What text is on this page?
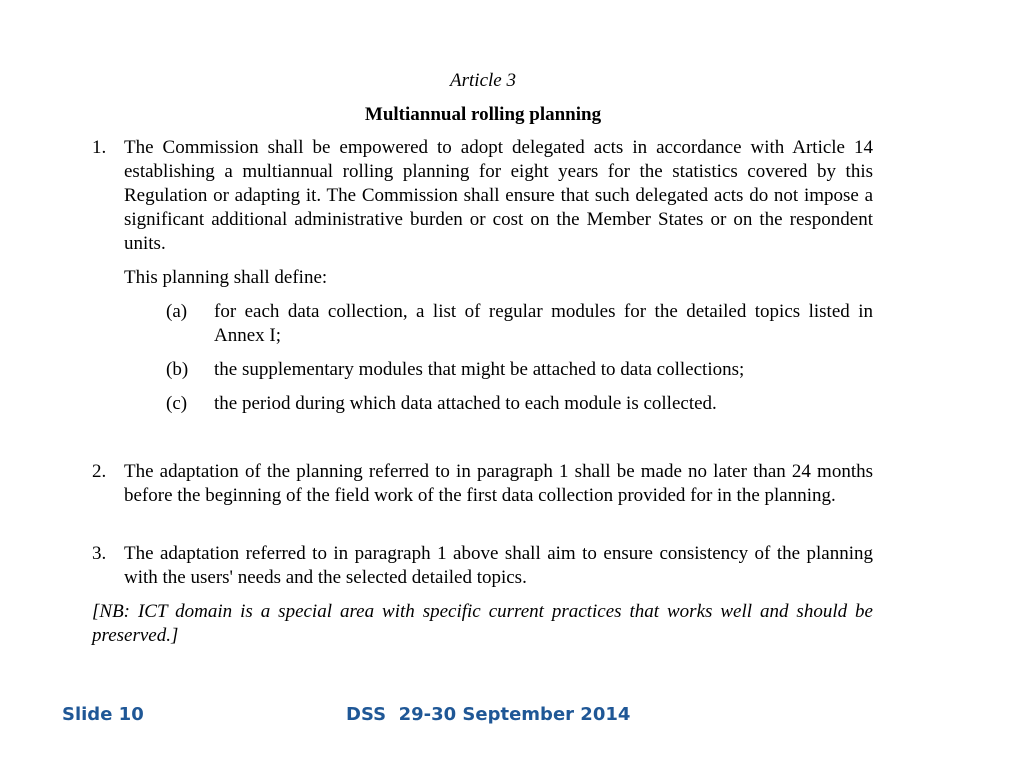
Article 3
Multiannual rolling planning
1. The Commission shall be empowered to adopt delegated acts in accordance with Article 14 establishing a multiannual rolling planning for eight years for the statistics covered by this Regulation or adapting it. The Commission shall ensure that such delegated acts do not impose a significant additional administrative burden or cost on the Member States or on the respondent units.
This planning shall define:
(a) for each data collection, a list of regular modules for the detailed topics listed in Annex I;
(b) the supplementary modules that might be attached to data collections;
(c) the period during which data attached to each module is collected.
2. The adaptation of the planning referred to in paragraph 1 shall be made no later than 24 months before the beginning of the field work of the first data collection provided for in the planning.
3. The adaptation referred to in paragraph 1 above shall aim to ensure consistency of the planning with the users' needs and the selected detailed topics.
[NB: ICT domain is a special area with specific current practices that works well and should be preserved.]
Slide 10	DSS  29-30 September 2014
